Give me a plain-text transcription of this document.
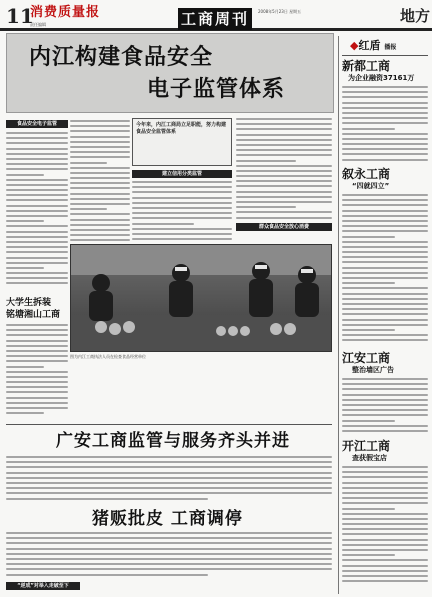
11
消费质量报
责任编辑	工商周刊	2008年5月23日 星期五	地方
内江构建食品安全
电子监管体系
今年来，内江工商局立足职能，努力构建食品安全监管体系
食品安全电子监管
建立信用分类监管
群众食品安全放心消费
图为内江工商执法人员在检查食品经营单位
大学生拆装
铭塘湘山工商
广安工商监管与服务齐头并进
猪贩批皮 工商调停
“逆成”对举入走破至下
◆红盾 播报
新都工商
为企业融资37161万
叙永工商
“四就四立”
江安工商
整治墙区广告
开江工商
查获假宝店
